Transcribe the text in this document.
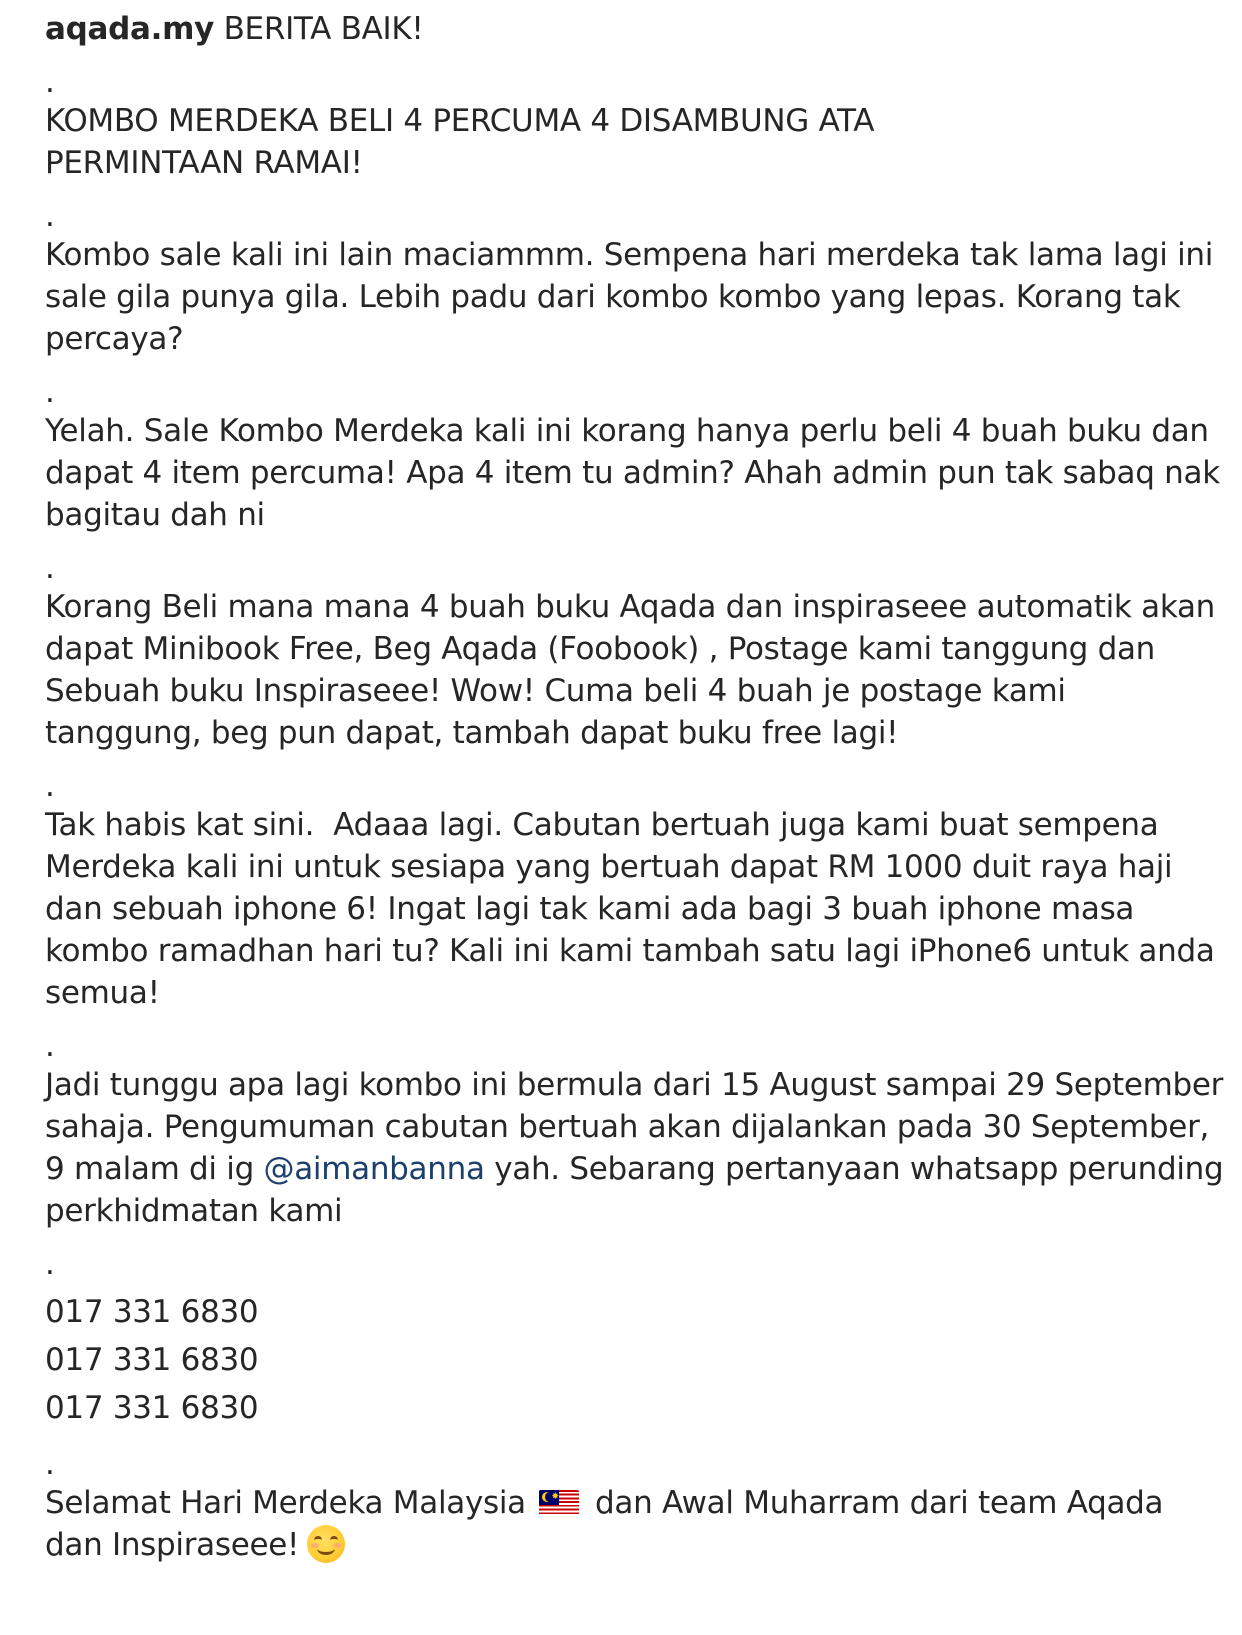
aqada.my BERITA BAIK!

.

KOMBO MERDEKA BELI 4 PERCUMA 4 DISAMBUNG ATA PERMINTAAN RAMAI!

.

Kombo sale kali ini lain maciammm. Sempena hari merdeka tak lama lagi ini sale gila punya gila. Lebih padu dari kombo kombo yang lepas. Korang tak percaya?

.

Yelah. Sale Kombo Merdeka kali ini korang hanya perlu beli 4 buah buku dan dapat 4 item percuma! Apa 4 item tu admin? Ahah admin pun tak sabaq nak bagitau dah ni

.

Korang Beli mana mana 4 buah buku Aqada dan inspiraseee automatik akan dapat Minibook Free, Beg Aqada (Foobook) , Postage kami tanggung dan Sebuah buku Inspiraseee! Wow! Cuma beli 4 buah je postage kami tanggung, beg pun dapat, tambah dapat buku free lagi!

.

Tak habis kat sini.  Adaaa lagi. Cabutan bertuah juga kami buat sempena Merdeka kali ini untuk sesiapa yang bertuah dapat RM 1000 duit raya haji dan sebuah iphone 6! Ingat lagi tak kami ada bagi 3 buah iphone masa kombo ramadhan hari tu? Kali ini kami tambah satu lagi iPhone6 untuk anda semua!

.

Jadi tunggu apa lagi kombo ini bermula dari 15 August sampai 29 September sahaja. Pengumuman cabutan bertuah akan dijalankan pada 30 September, 9 malam di ig @aimanbanna yah. Sebarang pertanyaan whatsapp perunding perkhidmatan kami

.

017 331 6830

017 331 6830

017 331 6830

.

Selamat Hari Merdeka Malaysia	✸ dan Awal Muharram dari team Aqada dan Inspiraseee!
